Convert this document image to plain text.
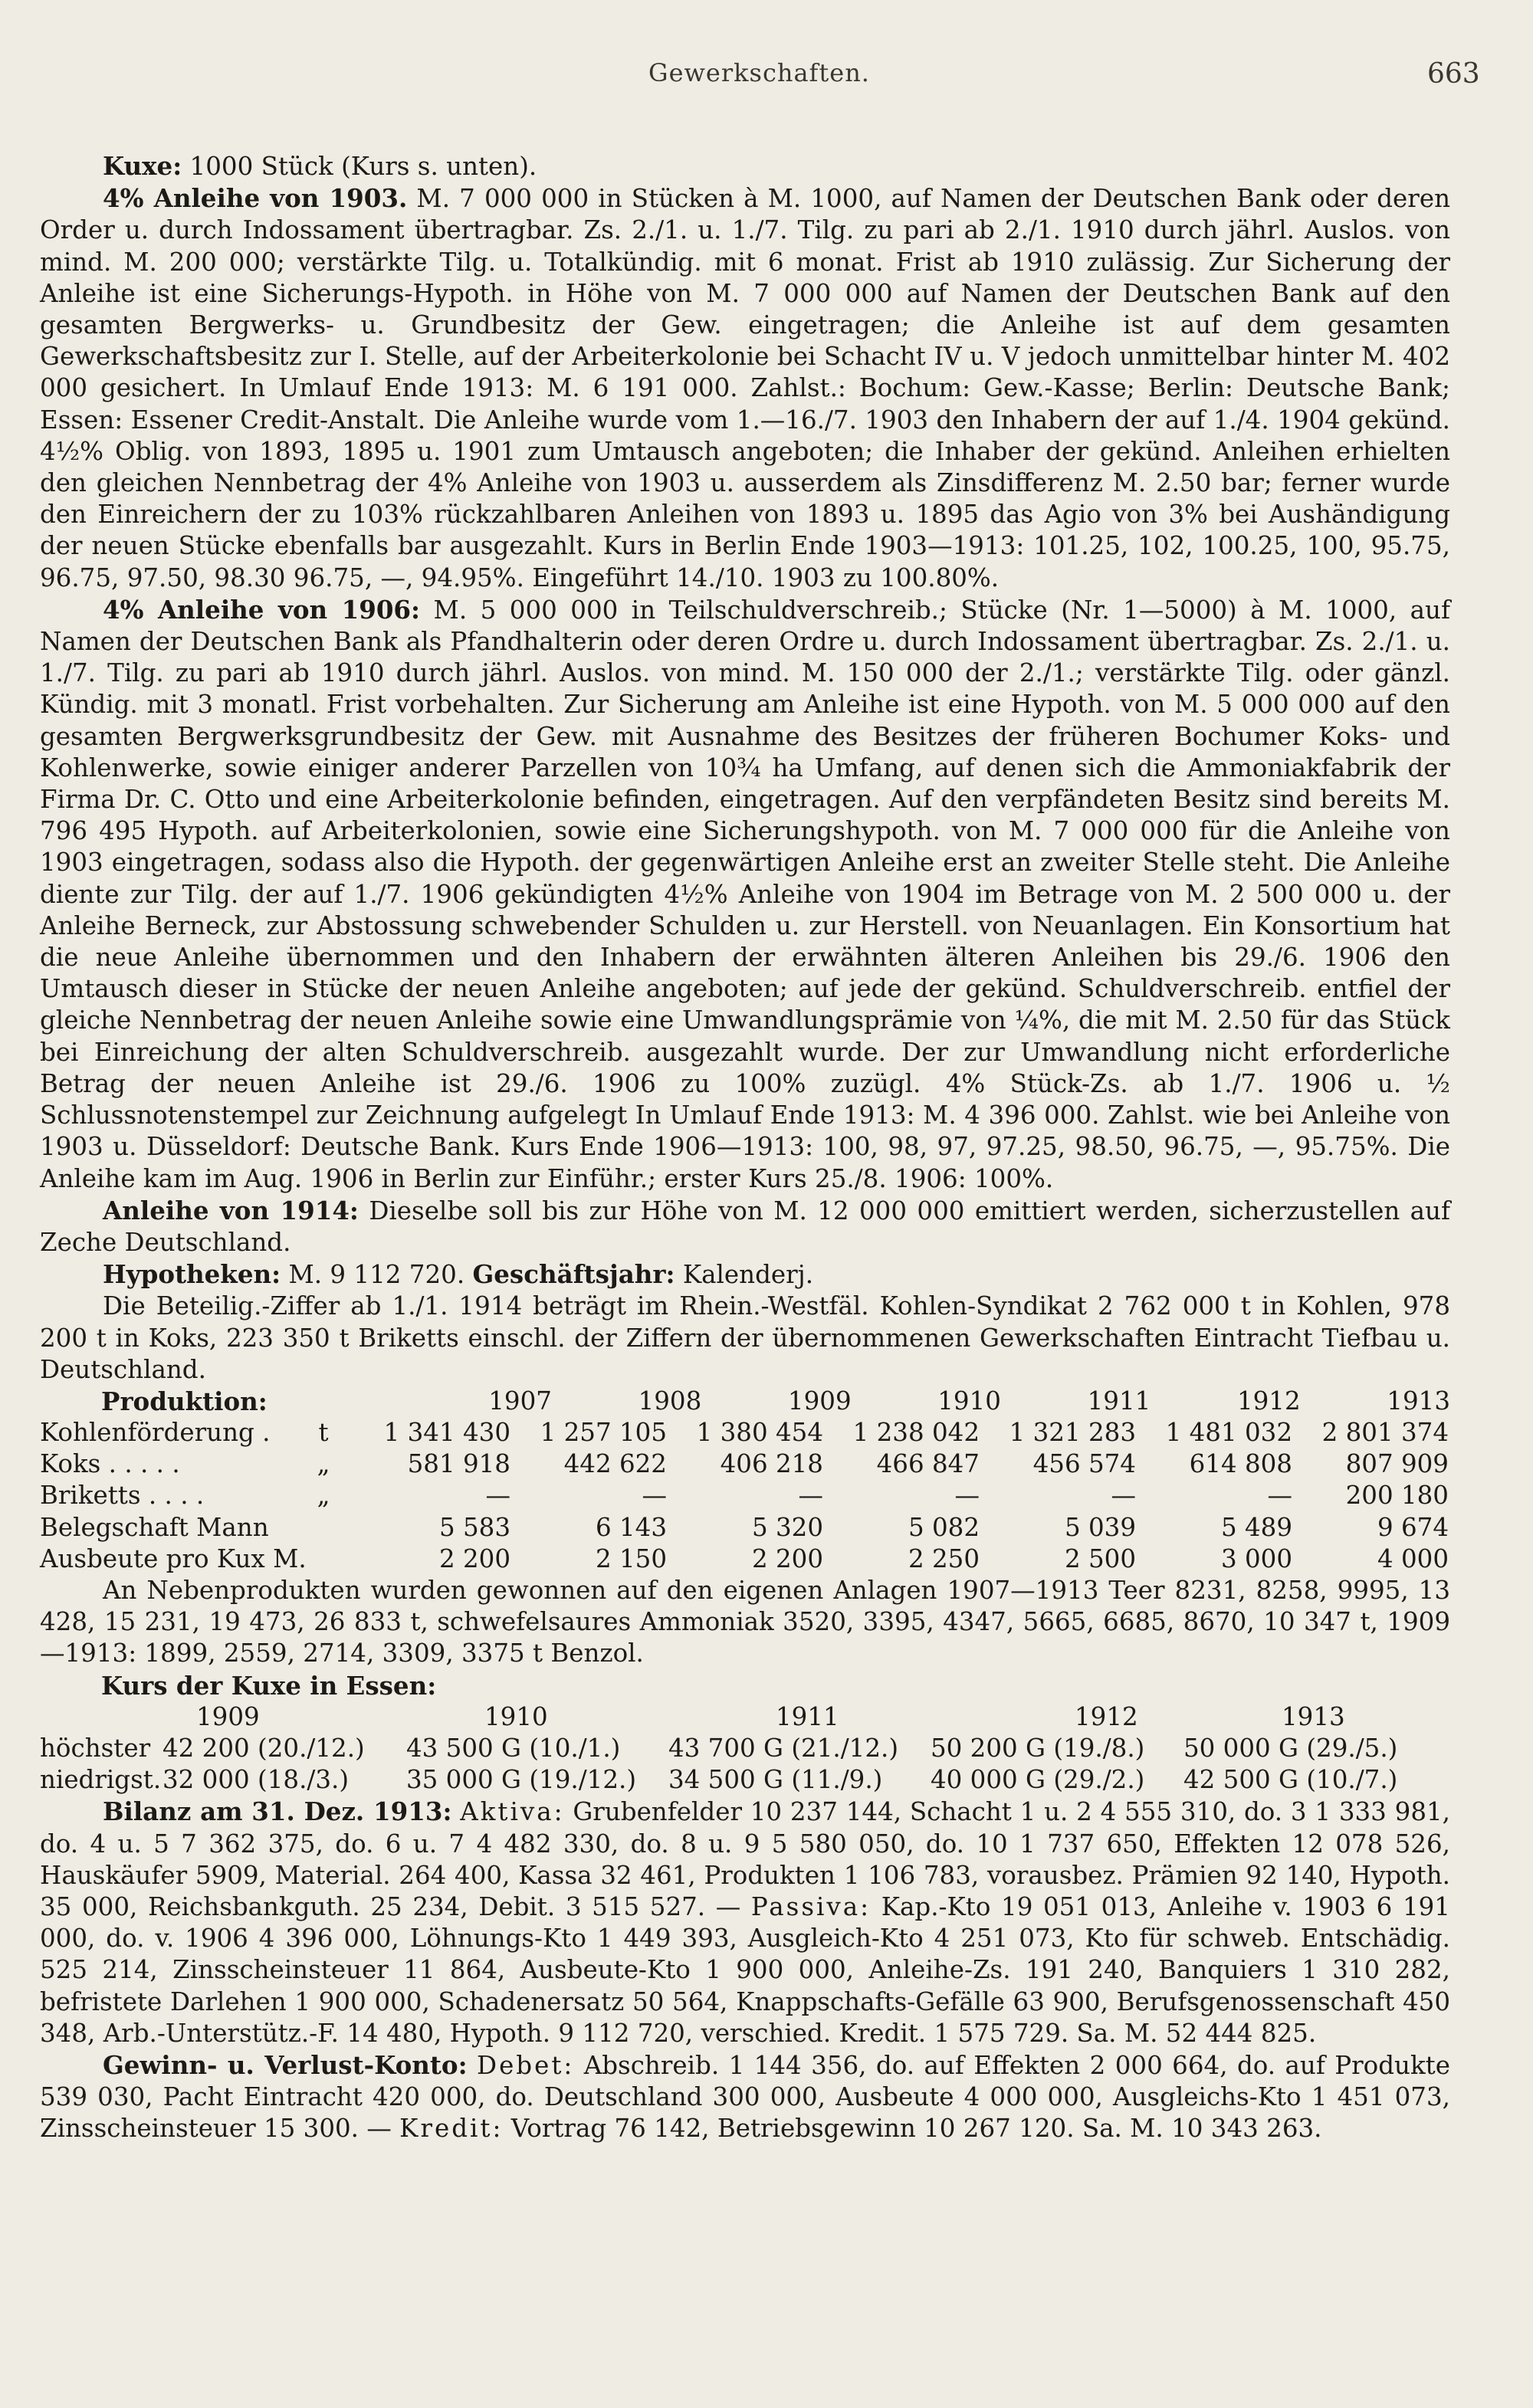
Gewerkschaften.	663

Kuxe: 1000 Stück (Kurs s. unten).

4% Anleihe von 1903. M. 7 000 000 in Stücken à M. 1000, auf Namen der Deutschen Bank oder deren Order u. durch Indossament übertragbar. Zs. 2./1. u. 1./7. Tilg. zu pari ab 2./1. 1910 durch jährl. Auslos. von mind. M. 200 000; verstärkte Tilg. u. Totalkündig. mit 6 monat. Frist ab 1910 zulässig. Zur Sicherung der Anleihe ist eine Sicherungs-Hypoth. in Höhe von M. 7 000 000 auf Namen der Deutschen Bank auf den gesamten Bergwerks- u. Grundbesitz der Gew. eingetragen; die Anleihe ist auf dem gesamten Gewerkschaftsbesitz zur I. Stelle, auf der Arbeiterkolonie bei Schacht IV u. V jedoch unmittelbar hinter M. 402 000 gesichert. In Umlauf Ende 1913: M. 6 191 000. Zahlst.: Bochum: Gew.-Kasse; Berlin: Deutsche Bank; Essen: Essener Credit-Anstalt. Die Anleihe wurde vom 1.—16./7. 1903 den Inhabern der auf 1./4. 1904 gekünd. 4½% Oblig. von 1893, 1895 u. 1901 zum Umtausch angeboten; die Inhaber der gekünd. Anleihen erhielten den gleichen Nennbetrag der 4% Anleihe von 1903 u. ausserdem als Zinsdifferenz M. 2.50 bar; ferner wurde den Einreichern der zu 103% rückzahlbaren Anleihen von 1893 u. 1895 das Agio von 3% bei Aushändigung der neuen Stücke ebenfalls bar ausgezahlt. Kurs in Berlin Ende 1903—1913: 101.25, 102, 100.25, 100, 95.75, 96.75, 97.50, 98.30 96.75, —, 94.95%. Eingeführt 14./10. 1903 zu 100.80%.

4% Anleihe von 1906: M. 5 000 000 in Teilschuldverschreib.; Stücke (Nr. 1—5000) à M. 1000, auf Namen der Deutschen Bank als Pfandhalterin oder deren Ordre u. durch Indossament übertragbar. Zs. 2./1. u. 1./7. Tilg. zu pari ab 1910 durch jährl. Auslos. von mind. M. 150 000 der 2./1.; verstärkte Tilg. oder gänzl. Kündig. mit 3 monatl. Frist vorbehalten. Zur Sicherung am Anleihe ist eine Hypoth. von M. 5 000 000 auf den gesamten Bergwerksgrundbesitz der Gew. mit Ausnahme des Besitzes der früheren Bochumer Koks- und Kohlenwerke, sowie einiger anderer Parzellen von 10¾ ha Umfang, auf denen sich die Ammoniakfabrik der Firma Dr. C. Otto und eine Arbeiterkolonie befinden, eingetragen. Auf den verpfändeten Besitz sind bereits M. 796 495 Hypoth. auf Arbeiterkolonien, sowie eine Sicherungshypoth. von M. 7 000 000 für die Anleihe von 1903 eingetragen, sodass also die Hypoth. der gegenwärtigen Anleihe erst an zweiter Stelle steht. Die Anleihe diente zur Tilg. der auf 1./7. 1906 gekündigten 4½% Anleihe von 1904 im Betrage von M. 2 500 000 u. der Anleihe Berneck, zur Abstossung schwebender Schulden u. zur Herstell. von Neuanlagen. Ein Konsortium hat die neue Anleihe übernommen und den Inhabern der erwähnten älteren Anleihen bis 29./6. 1906 den Umtausch dieser in Stücke der neuen Anleihe angeboten; auf jede der gekünd. Schuldverschreib. entfiel der gleiche Nennbetrag der neuen Anleihe sowie eine Umwandlungsprämie von ¼%, die mit M. 2.50 für das Stück bei Einreichung der alten Schuldverschreib. ausgezahlt wurde. Der zur Umwandlung nicht erforderliche Betrag der neuen Anleihe ist 29./6. 1906 zu 100% zuzügl. 4% Stück-Zs. ab 1./7. 1906 u. ½ Schlussnotenstempel zur Zeichnung aufgelegt In Umlauf Ende 1913: M. 4 396 000. Zahlst. wie bei Anleihe von 1903 u. Düsseldorf: Deutsche Bank. Kurs Ende 1906—1913: 100, 98, 97, 97.25, 98.50, 96.75, —, 95.75%. Die Anleihe kam im Aug. 1906 in Berlin zur Einführ.; erster Kurs 25./8. 1906: 100%.

Anleihe von 1914: Dieselbe soll bis zur Höhe von M. 12 000 000 emittiert werden, sicherzustellen auf Zeche Deutschland.

Hypotheken: M. 9 112 720. Geschäftsjahr: Kalenderj.

Die Beteilig.-Ziffer ab 1./1. 1914 beträgt im Rhein.-Westfäl. Kohlen-Syndikat 2 762 000 t in Kohlen, 978 200 t in Koks, 223 350 t Briketts einschl. der Ziffern der übernommenen Gewerkschaften Eintracht Tiefbau u. Deutschland.

Produktion:	1907	1908	1909	1910	1911	1912	1913
Kohlenförderung .	t	1 341 430	1 257 105	1 380 454	1 238 042	1 321 283	1 481 032	2 801 374
Koks . . . . .	„	581 918	442 622	406 218	466 847	456 574	614 808	807 909
Briketts . . . .	„	—	—	—	—	—	—	200 180
Belegschaft Mann	5 583	6 143	5 320	5 082	5 039	5 489	9 674
Ausbeute pro Kux M.	2 200	2 150	2 200	2 250	2 500	3 000	4 000

An Nebenprodukten wurden gewonnen auf den eigenen Anlagen 1907—1913 Teer 8231, 8258, 9995, 13 428, 15 231, 19 473, 26 833 t, schwefelsaures Ammoniak 3520, 3395, 4347, 5665, 6685, 8670, 10 347 t, 1909—1913: 1899, 2559, 2714, 3309, 3375 t Benzol.

Kurs der Kuxe in Essen:
1909	1910	1911	1912	1913
höchster 42 200 (20./12.)	43 500 G (10./1.)	43 700 G (21./12.)	50 200 G (19./8.)	50 000 G (29./5.)
niedrigst. 32 000 (18./3.)	35 000 G (19./12.)	34 500 G (11./9.)	40 000 G (29./2.)	42 500 G (10./7.)

Bilanz am 31. Dez. 1913: Aktiva: Grubenfelder 10 237 144, Schacht 1 u. 2 4 555 310, do. 3 1 333 981, do. 4 u. 5 7 362 375, do. 6 u. 7 4 482 330, do. 8 u. 9 5 580 050, do. 10 1 737 650, Effekten 12 078 526, Hauskäufer 5909, Material. 264 400, Kassa 32 461, Produkten 1 106 783, vorausbez. Prämien 92 140, Hypoth. 35 000, Reichsbankguth. 25 234, Debit. 3 515 527. — Passiva: Kap.-Kto 19 051 013, Anleihe v. 1903 6 191 000, do. v. 1906 4 396 000, Löhnungs-Kto 1 449 393, Ausgleich-Kto 4 251 073, Kto für schweb. Entschädig. 525 214, Zinsscheinsteuer 11 864, Ausbeute-Kto 1 900 000, Anleihe-Zs. 191 240, Banquiers 1 310 282, befristete Darlehen 1 900 000, Schadenersatz 50 564, Knappschafts-Gefälle 63 900, Berufsgenossenschaft 450 348, Arb.-Unterstütz.-F. 14 480, Hypoth. 9 112 720, verschied. Kredit. 1 575 729. Sa. M. 52 444 825.

Gewinn- u. Verlust-Konto: Debet: Abschreib. 1 144 356, do. auf Effekten 2 000 664, do. auf Produkte 539 030, Pacht Eintracht 420 000, do. Deutschland 300 000, Ausbeute 4 000 000, Ausgleichs-Kto 1 451 073, Zinsscheinsteuer 15 300. — Kredit: Vortrag 76 142, Betriebsgewinn 10 267 120. Sa. M. 10 343 263.
